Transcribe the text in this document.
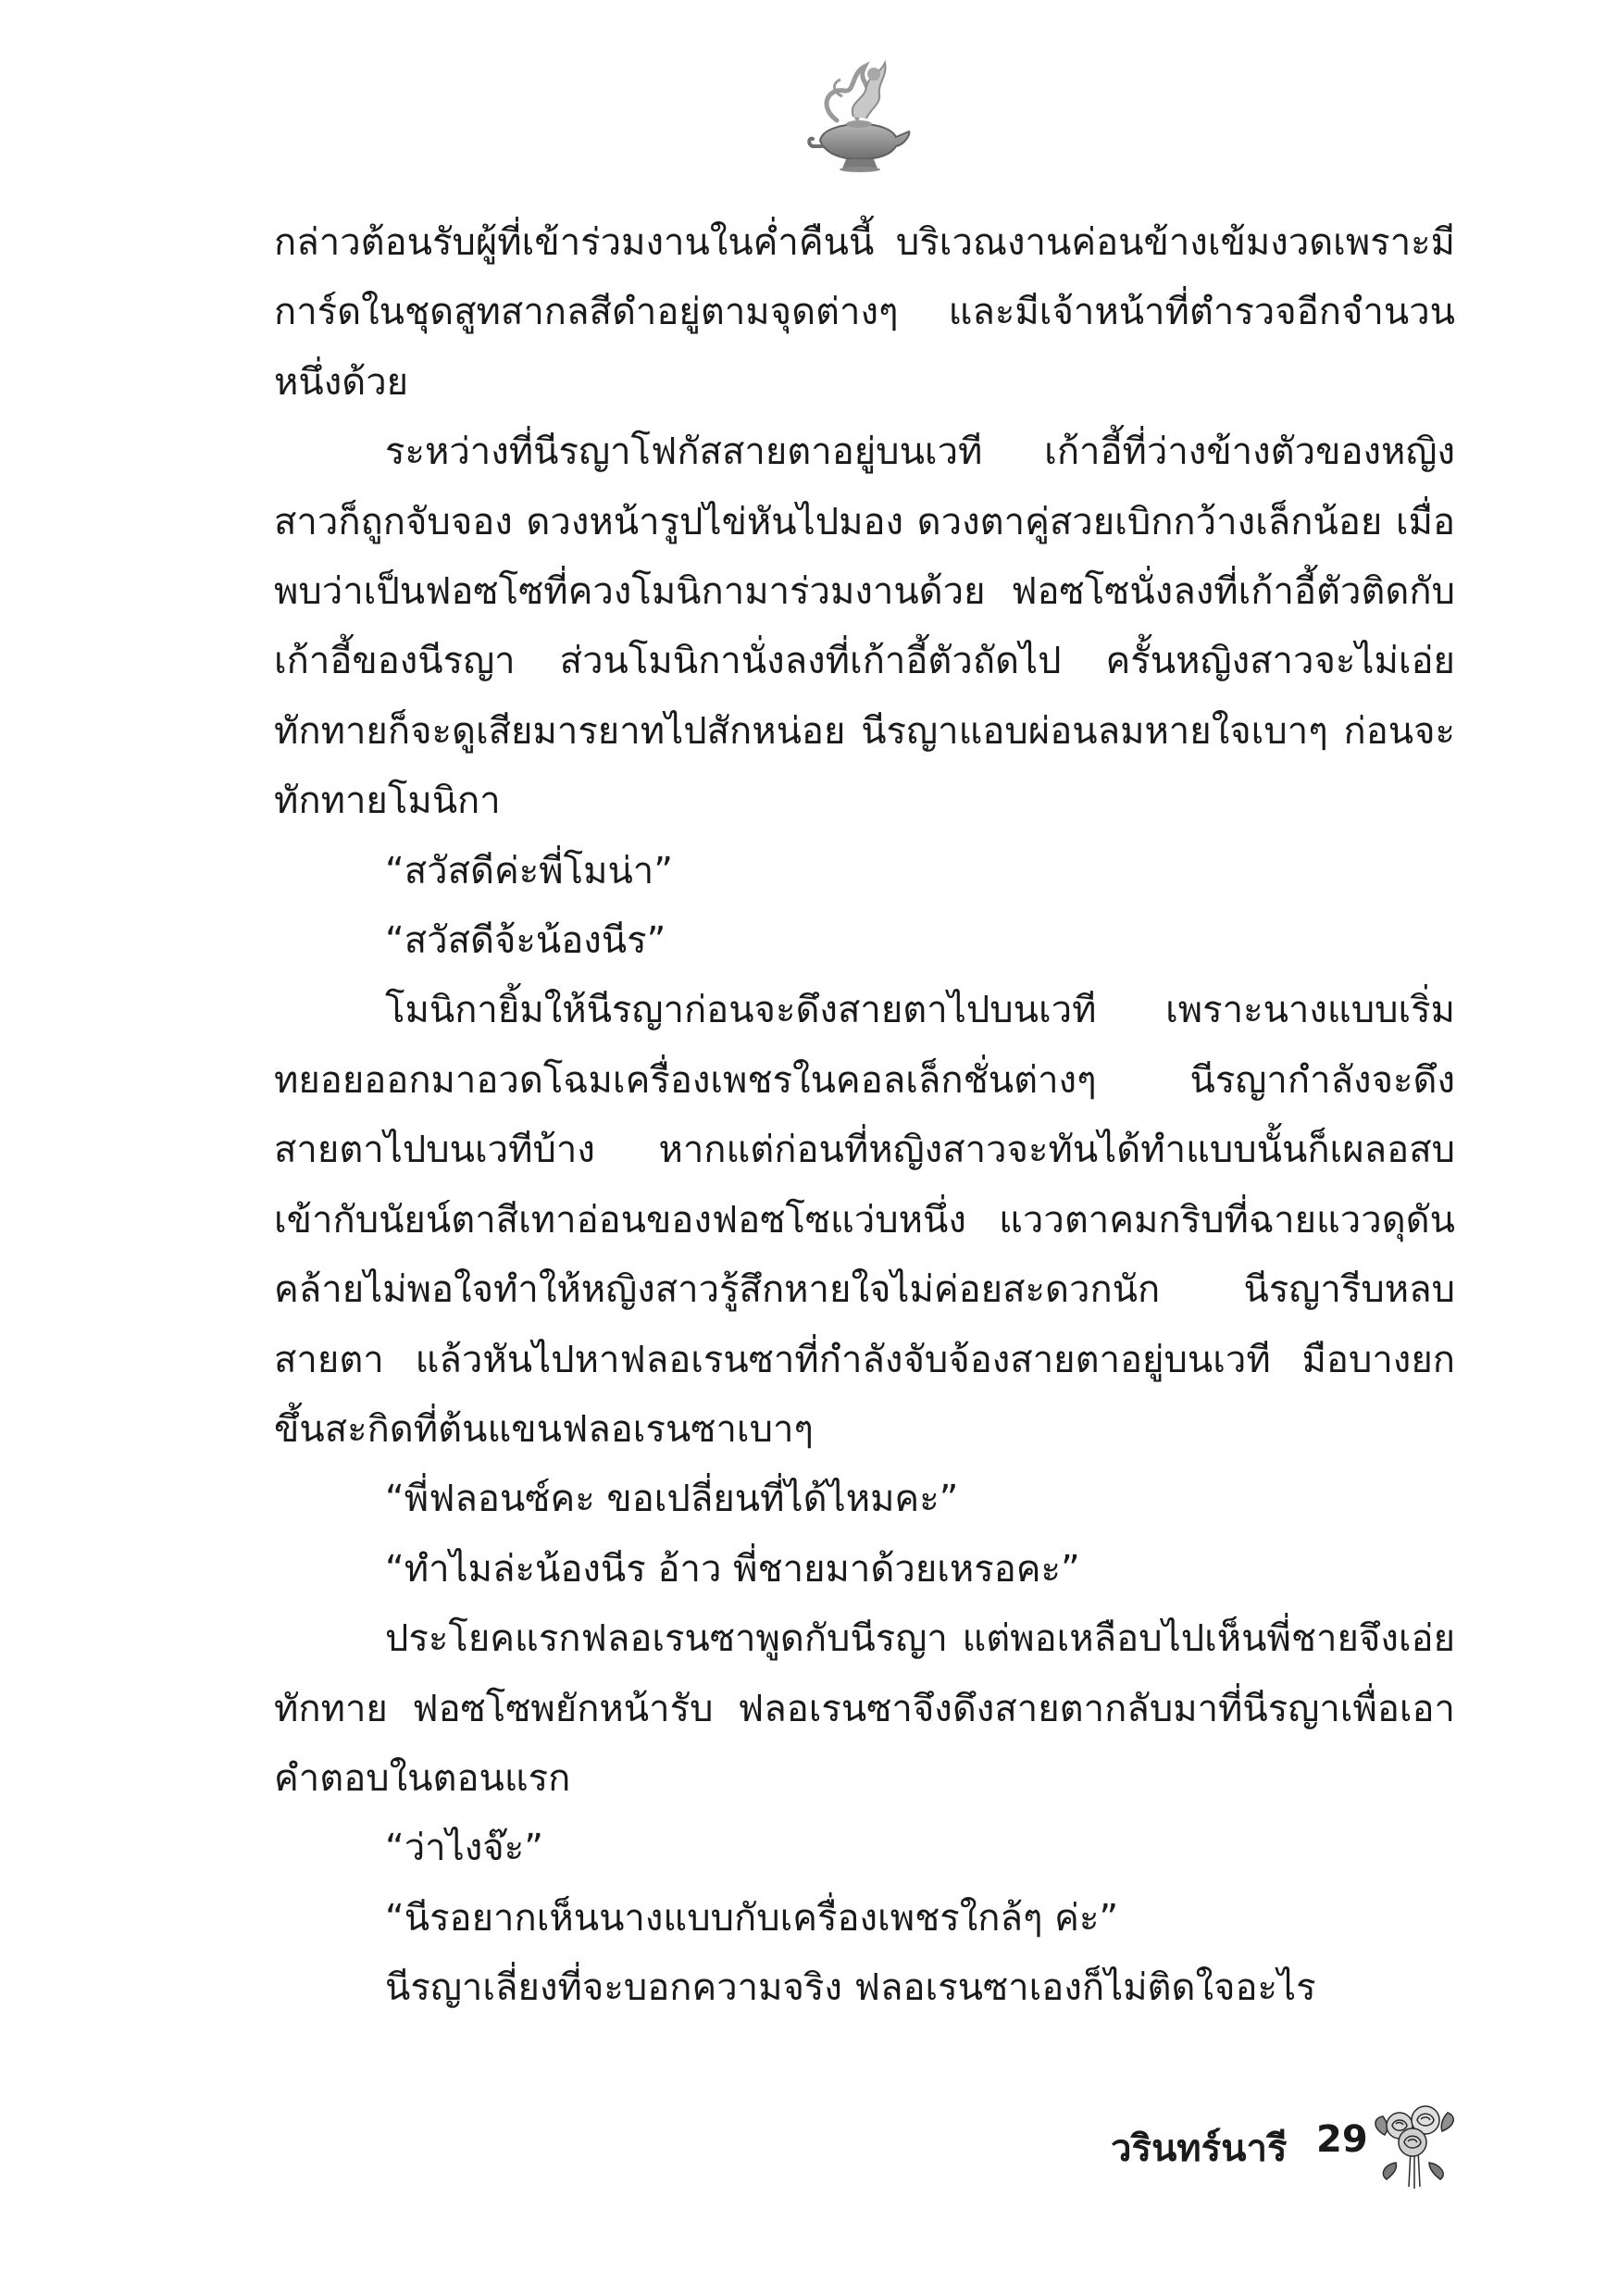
กล่าวต้อนรับผู้ที่เข้าร่วมงานในค่ำคืนนี้ บริเวณงานค่อนข้างเข้มงวดเพราะมีการ์ดในชุดสูทสากลสีดำอยู่ตามจุดต่างๆ และมีเจ้าหน้าที่ตำรวจอีกจำนวนหนึ่งด้วย

ระหว่างที่นีรญาโฟกัสสายตาอยู่บนเวที เก้าอี้ที่ว่างข้างตัวของหญิงสาวก็ถูกจับจอง ดวงหน้ารูปไข่หันไปมอง ดวงตาคู่สวยเบิกกว้างเล็กน้อย เมื่อพบว่าเป็นฟอซโซที่ควงโมนิกามาร่วมงานด้วย ฟอซโซนั่งลงที่เก้าอี้ตัวติดกับเก้าอี้ของนีรญา ส่วนโมนิกานั่งลงที่เก้าอี้ตัวถัดไป ครั้นหญิงสาวจะไม่เอ่ยทักทายก็จะดูเสียมารยาทไปสักหน่อย นีรญาแอบผ่อนลมหายใจเบาๆ ก่อนจะทักทายโมนิกา

“สวัสดีค่ะพี่โมน่า”

“สวัสดีจ้ะน้องนีร”

โมนิกายิ้มให้นีรญาก่อนจะดึงสายตาไปบนเวที เพราะนางแบบเริ่มทยอยออกมาอวดโฉมเครื่องเพชรในคอลเล็กชั่นต่างๆ นีรญากำลังจะดึงสายตาไปบนเวทีบ้าง หากแต่ก่อนที่หญิงสาวจะทันได้ทำแบบนั้นก็เผลอสบเข้ากับนัยน์ตาสีเทาอ่อนของฟอซโซแว่บหนึ่ง แววตาคมกริบที่ฉายแววดุดันคล้ายไม่พอใจทำให้หญิงสาวรู้สึกหายใจไม่ค่อยสะดวกนัก นีรญารีบหลบสายตา แล้วหันไปหาฟลอเรนซาที่กำลังจับจ้องสายตาอยู่บนเวที มือบางยกขึ้นสะกิดที่ต้นแขนฟลอเรนซาเบาๆ

“พี่ฟลอนซ์คะ ขอเปลี่ยนที่ได้ไหมคะ”

“ทำไมล่ะน้องนีร อ้าว พี่ชายมาด้วยเหรอคะ”

ประโยคแรกฟลอเรนซาพูดกับนีรญา แต่พอเหลือบไปเห็นพี่ชายจึงเอ่ยทักทาย ฟอซโซพยักหน้ารับ ฟลอเรนซาจึงดึงสายตากลับมาที่นีรญาเพื่อเอาคำตอบในตอนแรก

“ว่าไงจ๊ะ”

“นีรอยากเห็นนางแบบกับเครื่องเพชรใกล้ๆ ค่ะ”

นีรญาเลี่ยงที่จะบอกความจริง ฟลอเรนซาเองก็ไม่ติดใจอะไร

วรินทร์นารี 29
